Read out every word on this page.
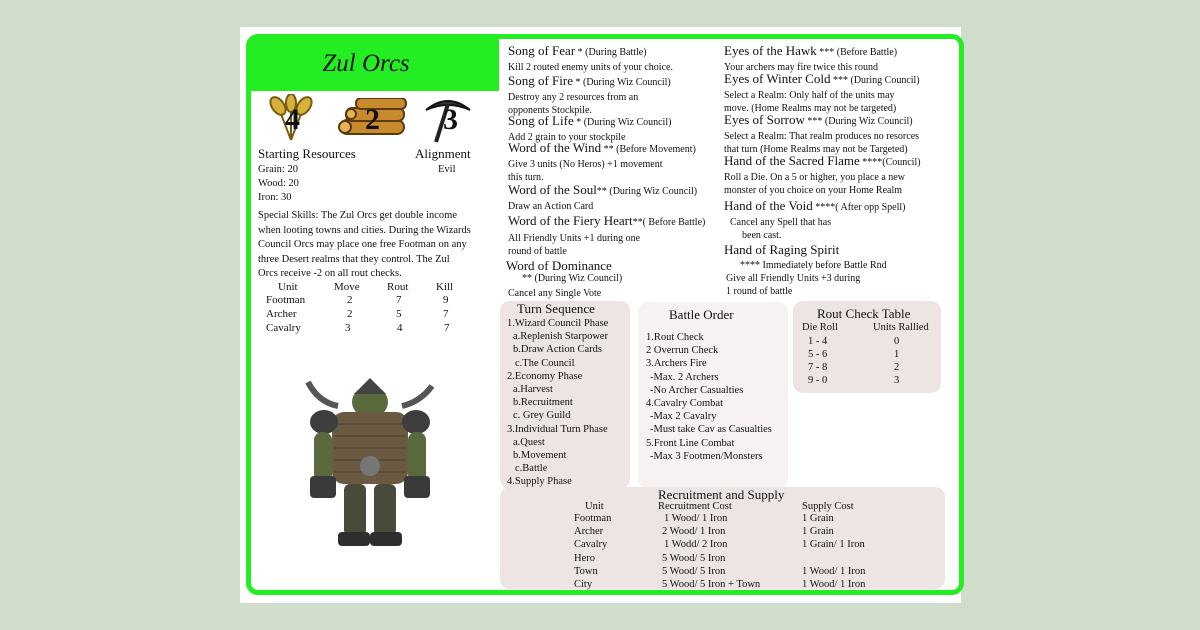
Zul Orcs
4 2 3
Starting Resources
Grain: 20
Wood: 20
Iron: 30
Alignment
Evil
Special Skills: The Zul Orcs get double income
when looting towns and cities. During the Wizards
Council Orcs may place one free Footman on any
three Desert realms that they control. The Zul
Orcs receive -2 on all rout checks.
Unit	Move Rout	Kill
Footman	2	7	9
Archer	2	5	7
Cavalry	3	4	7
Song of Fear * (During Battle)
Kill 2 routed enemy units of your choice.
Song of Fire * (During Wiz Council)
Destroy any 2 resources from an
opponents Stockpile.
Song of Life * (During Wiz Council)
Add 2 grain to your stockpile
Word of the Wind ** (Before Movement)
Give 3 units (No Heros) +1 movement
this turn.
Word of the Soul** (During Wiz Council)
Draw an Action Card
Word of the Fiery Heart**( Before Battle)
All Friendly Units +1 during one
round of battle
Word of Dominance
** (During Wiz Council)
Cancel any Single Vote
Eyes of the Hawk *** (Before Battle)
Your archers may fire twice this round
Eyes of Winter Cold *** (During Council)
Select a Realm: Only half of the units may
move. (Home Realms may not be targeted)
Eyes of Sorrow *** (During Wiz Council)
Select a Realm: That realm produces no resorces
that turn (Home Realms may not be Targeted)
Hand of the Sacred Flame ****(Council)
Roll a Die. On a 5 or higher, you place a new
monster of you choice on your Home Realm
Hand of the Void ****( After opp Spell)
Cancel any Spell that has
been cast.
Hand of Raging Spirit
**** Immediately before Battle Rnd
Give all Friendly Units +3 during
1 round of battle
Turn Sequence
1.Wizard Council Phase
a.Replenish Starpower
b.Draw Action Cards
c.The Council
2.Economy Phase
a.Harvest
b.Recruitment
c. Grey Guild
3.Individual Turn Phase
a.Quest
b.Movement
c.Battle
4.Supply Phase
Battle Order
1.Rout Check
2 Overrun Check
3.Archers Fire
-Max. 2 Archers
-No Archer Casualties
4.Cavalry Combat
-Max 2 Cavalry
-Must take Cav as Casualties
5.Front Line Combat
-Max 3 Footmen/Monsters
Rout Check Table
Die Roll	Units Rallied
1 - 4	0
5 - 6	1
7 - 8	2
9 - 0	3
Recruitment and Supply
Unit	Recruitment Cost	Supply Cost
Footman	1 Wood/ 1 Iron	1 Grain
Archer	2 Wood/ 1 Iron	1 Grain
Cavalry	1 Wodd/ 2 Iron	1 Grain/ 1 Iron
Hero	5 Wood/ 5 Iron
Town	5 Wood/ 5 Iron	1 Wood/ 1 Iron
City	5 Wood/ 5 Iron + Town	1 Wood/ 1 Iron
